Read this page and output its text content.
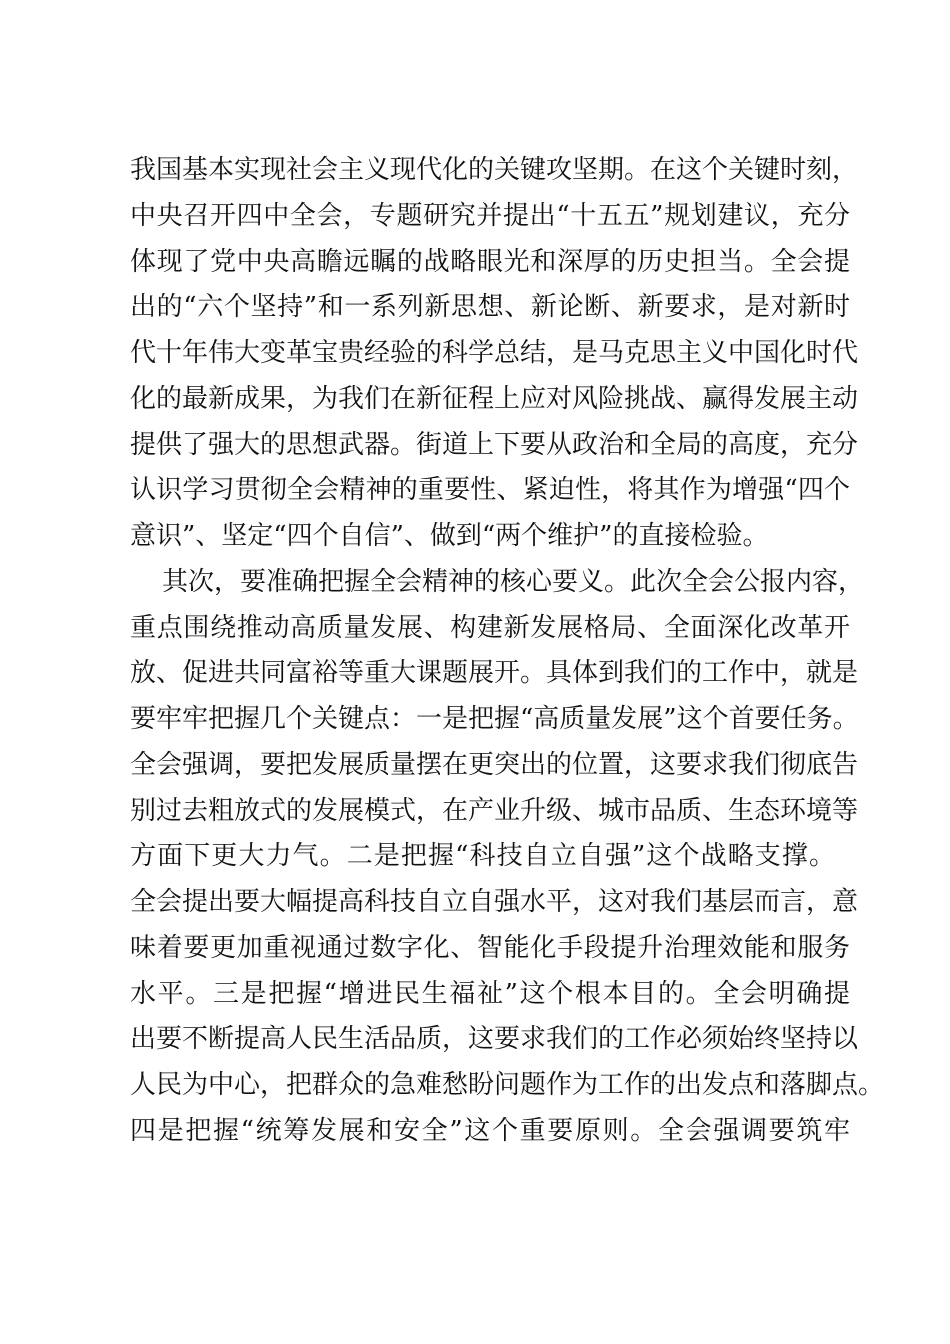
我国基本实现社会主义现代化的关键攻坚期。在这个关键时刻，
中央召开四中全会，专题研究并提出“十五五”规划建议，充分
体现了党中央高瞻远瞩的战略眼光和深厚的历史担当。全会提
出的“六个坚持”和一系列新思想、新论断、新要求，是对新时
代十年伟大变革宝贵经验的科学总结，是马克思主义中国化时代
化的最新成果，为我们在新征程上应对风险挑战、赢得发展主动
提供了强大的思想武器。街道上下要从政治和全局的高度，充分
认识学习贯彻全会精神的重要性、紧迫性，将其作为增强“四个
意识”、坚定“四个自信”、做到“两个维护”的直接检验。
其次，要准确把握全会精神的核心要义。此次全会公报内容，
重点围绕推动高质量发展、构建新发展格局、全面深化改革开
放、促进共同富裕等重大课题展开。具体到我们的工作中，就是
要牢牢把握几个关键点：一是把握“高质量发展”这个首要任务。
全会强调，要把发展质量摆在更突出的位置，这要求我们彻底告
别过去粗放式的发展模式，在产业升级、城市品质、生态环境等
方面下更大力气。二是把握“科技自立自强”这个战略支撑。
全会提出要大幅提高科技自立自强水平，这对我们基层而言，意
味着要更加重视通过数字化、智能化手段提升治理效能和服务
水平。三是把握“增进民生福祉”这个根本目的。全会明确提
出要不断提高人民生活品质，这要求我们的工作必须始终坚持以
人民为中心，把群众的急难愁盼问题作为工作的出发点和落脚点。
四是把握“统筹发展和安全”这个重要原则。全会强调要筑牢
